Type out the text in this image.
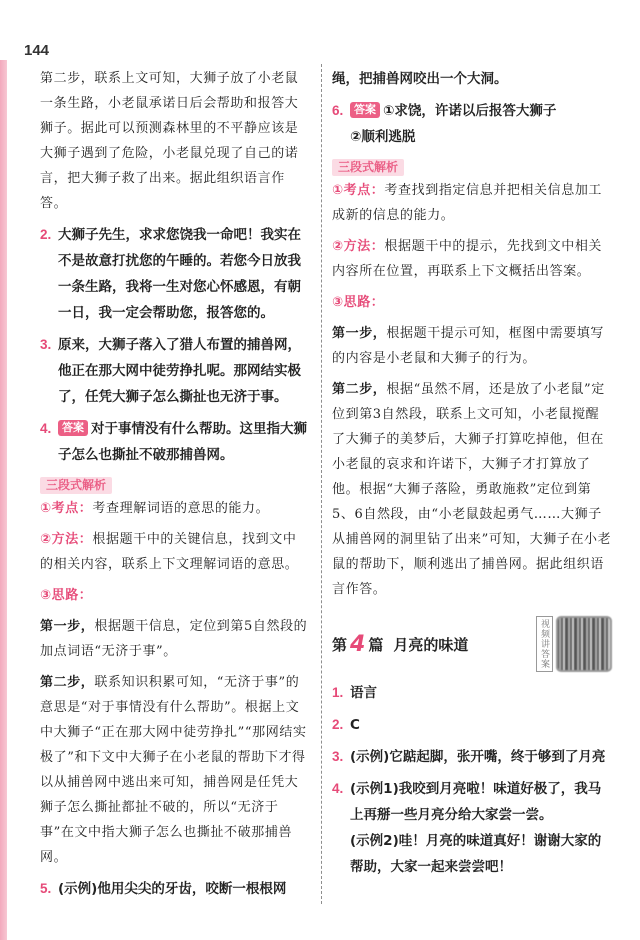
144

第二步，联系上文可知，大狮子放了小老鼠一条生路，小老鼠承诺日后会帮助和报答大狮子。据此可以预测森林里的不平静应该是大狮子遇到了危险，小老鼠兑现了自己的诺言，把大狮子救了出来。据此组织语言作答。

2. 大狮子先生，求求您饶我一命吧！我实在不是故意打扰您的午睡的。若您今日放我一条生路，我将一生对您心怀感恩，有朝一日，我一定会帮助您，报答您的。
3. 原来，大狮子落入了猎人布置的捕兽网，他正在那大网中徒劳挣扎呢。那网结实极了，任凭大狮子怎么撕扯也无济于事。
4. 答案 对于事情没有什么帮助。这里指大狮子怎么也撕扯不破那捕兽网。
三段式解析

①考点：考查理解词语的意思的能力。

②方法：根据题干中的关键信息，找到文中的相关内容，联系上下文理解词语的意思。

③思路：

第一步，根据题干信息，定位到第5自然段的加点词语“无济于事”。

第二步，联系知识积累可知，“无济于事”的意思是“对于事情没有什么帮助”。根据上文中大狮子“正在那大网中徒劳挣扎”“那网结实极了”和下文中大狮子在小老鼠的帮助下才得以从捕兽网中逃出来可知，捕兽网是任凭大狮子怎么撕扯都扯不破的，所以“无济于事”在文中指大狮子怎么也撕扯不破那捕兽网。

5. (示例)他用尖尖的牙齿，咬断一根根网

绳，把捕兽网咬出一个大洞。

6. 答案 ①求饶，许诺以后报答大狮子
②顺利逃脱
三段式解析

①考点：考查找到指定信息并把相关信息加工成新的信息的能力。

②方法：根据题干中的提示，先找到文中相关内容所在位置，再联系上下文概括出答案。

③思路：

第一步，根据题干提示可知，框图中需要填写的内容是小老鼠和大狮子的行为。

第二步，根据“虽然不屑，还是放了小老鼠”定位到第3自然段，联系上文可知，小老鼠搅醒了大狮子的美梦后，大狮子打算吃掉他，但在小老鼠的哀求和许诺下，大狮子才打算放了他。根据“大狮子落险，勇敢施救”定位到第5、6自然段，由“小老鼠鼓起勇气……大狮子从捕兽网的洞里钻了出来”可知，大狮子在小老鼠的帮助下，顺利逃出了捕兽网。据此组织语言作答。

第 4 篇 月亮的味道	视频讲答案
1. 语言
2. C
3. (示例)它踮起脚，张开嘴，终于够到了月亮
4. (示例1)我咬到月亮啦！味道好极了，我马上再掰一些月亮分给大家尝一尝。
(示例2)哇！月亮的味道真好！谢谢大家的帮助，大家一起来尝尝吧！
